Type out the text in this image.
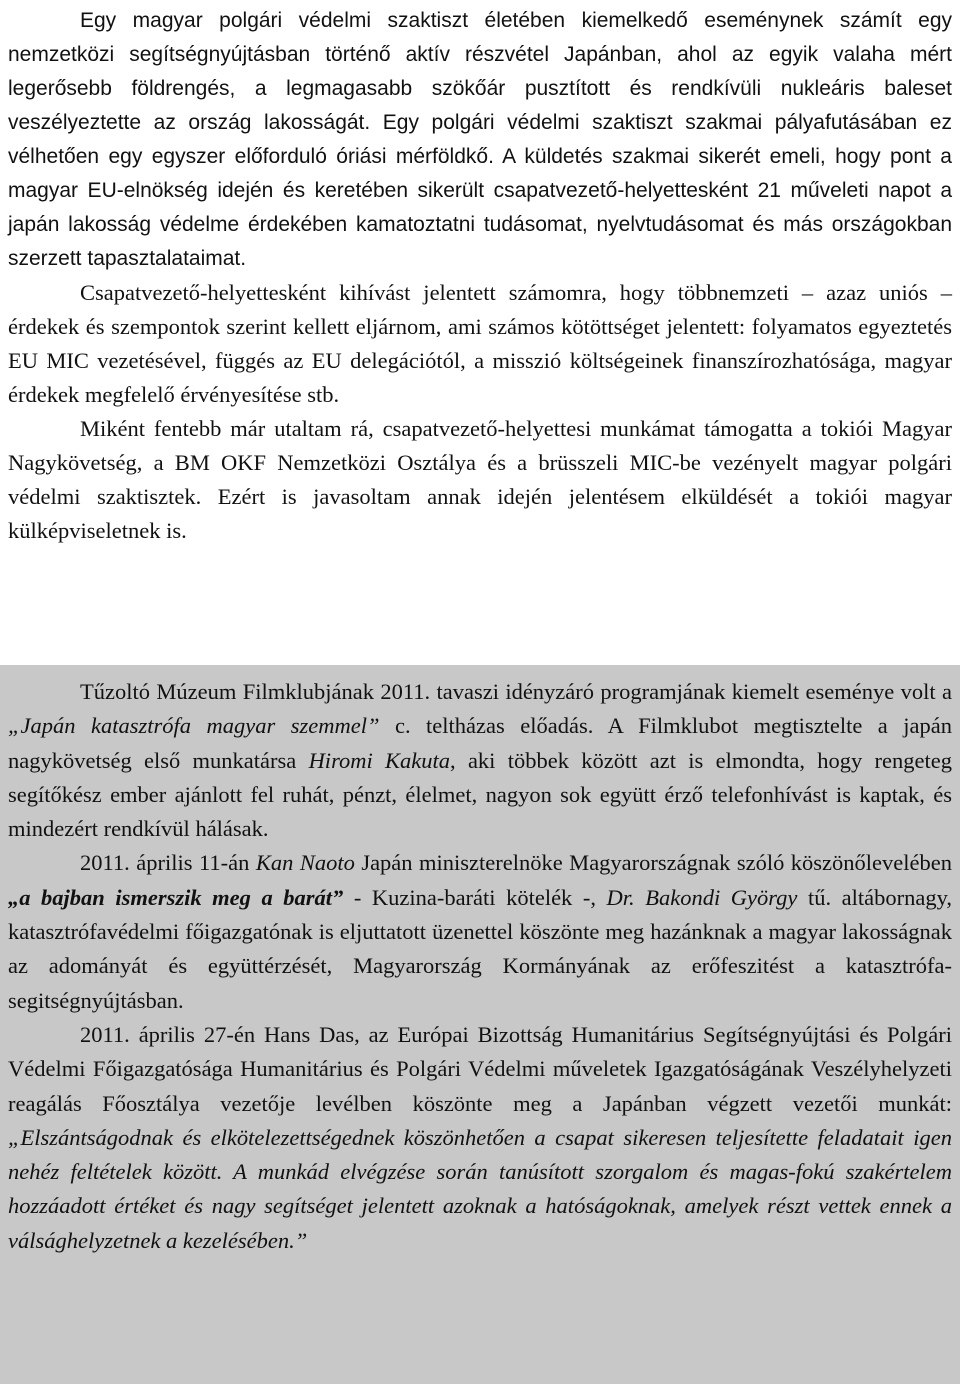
Egy magyar polgári védelmi szaktiszt életében kiemelkedő eseménynek számít egy nemzetközi segítségnyújtásban történő aktív részvétel Japánban, ahol az egyik valaha mért legerősebb földrengés, a legmagasabb szökőár pusztított és rendkívüli nukleáris baleset veszélyeztette az ország lakosságát. Egy polgári védelmi szaktiszt szakmai pályafutásában ez vélhetően egy egyszer előforduló óriási mérföldkő. A küldetés szakmai sikerét emeli, hogy pont a magyar EU-elnökség idején és keretében sikerült csapatvezető-helyettesként 21 műveleti napot a japán lakosság védelme érdekében kamatoztatni tudásomat, nyelvtudásomat és más országokban szerzett tapasztalataimat.

Csapatvezető-helyettesként kihívást jelentett számomra, hogy többnemzeti – azaz uniós – érdekek és szempontok szerint kellett eljárnom, ami számos kötöttséget jelentett: folyamatos egyeztetés EU MIC vezetésével, függés az EU delegációtól, a misszió költségeinek finanszírozhatósága, magyar érdekek megfelelő érvényesítése stb.

Miként fentebb már utaltam rá, csapatvezető-helyettesi munkámat támogatta a tokiói Magyar Nagykövetség, a BM OKF Nemzetközi Osztálya és a brüsszeli MIC-be vezényelt magyar polgári védelmi szaktisztek. Ezért is javasoltam annak idején jelentésem elküldését a tokiói magyar külképviseletnek is.

Tűzoltó Múzeum Filmklubjának 2011. tavaszi idényzáró programjának kiemelt eseménye volt a „Japán katasztrófa magyar szemmel” c. teltházas előadás. A Filmklubot megtisztelte a japán nagykövetség első munkatársa Hiromi Kakuta, aki többek között azt is elmondta, hogy rengeteg segítőkész ember ajánlott fel ruhát, pénzt, élelmet, nagyon sok együtt érző telefonhívást is kaptak, és mindezért rendkívül hálásak.

2011. április 11-án Kan Naoto Japán miniszterelnöke Magyarországnak szóló köszönőlevelében „a bajban ismerszik meg a barát” - Kuzina-baráti kötelék -, Dr. Bakondi György tű. altábornagy, katasztrófavédelmi főigazgatónak is eljuttatott üzenettel köszönte meg hazánknak a magyar lakosságnak az adományát és együttérzését, Magyarország Kormányának az erőfeszitést a katasztrófa-segitségnyújtásban.

2011. április 27-én Hans Das, az Európai Bizottság Humanitárius Segítségnyújtási és Polgári Védelmi Főigazgatósága Humanitárius és Polgári Védelmi műveletek Igazgatóságának Veszélyhelyzeti reagálás Főosztálya vezetője levélben köszönte meg a Japánban végzett vezetői munkát: „Elszántságodnak és elkötelezettségednek köszönhetően a csapat sikeresen teljesítette feladatait igen nehéz feltételek között. A munkád elvégzése során tanúsított szorgalom és magas-fokú szakértelem hozzáadott értéket és nagy segítséget jelentett azoknak a hatóságoknak, amelyek részt vettek ennek a válsághelyzetnek a kezelésében.”
